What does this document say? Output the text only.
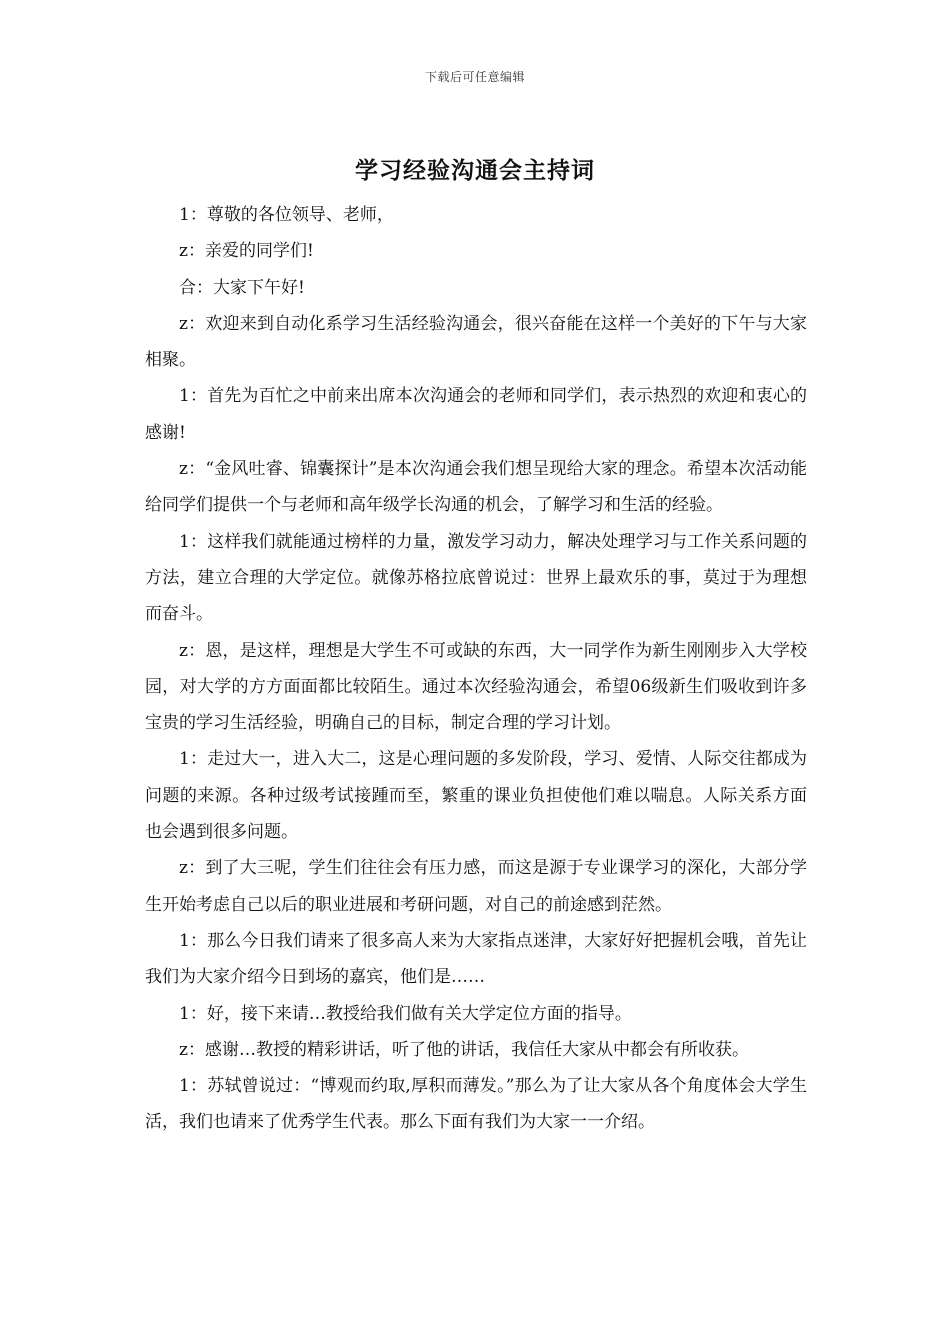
下载后可任意编辑
学习经验沟通会主持词

1：尊敬的各位领导、老师，

z：亲爱的同学们!

合：大家下午好!

z：欢迎来到自动化系学习生活经验沟通会，很兴奋能在这样一个美好的下午与大家相聚。

1：首先为百忙之中前来出席本次沟通会的老师和同学们，表示热烈的欢迎和衷心的感谢!

z：“金风吐睿、锦囊探计”是本次沟通会我们想呈现给大家的理念。希望本次活动能给同学们提供一个与老师和高年级学长沟通的机会，了解学习和生活的经验。

1：这样我们就能通过榜样的力量，激发学习动力，解决处理学习与工作关系问题的方法，建立合理的大学定位。就像苏格拉底曾说过：世界上最欢乐的事，莫过于为理想而奋斗。

z：恩，是这样，理想是大学生不可或缺的东西，大一同学作为新生刚刚步入大学校园，对大学的方方面面都比较陌生。通过本次经验沟通会，希望06级新生们吸收到许多宝贵的学习生活经验，明确自己的目标，制定合理的学习计划。

1：走过大一，进入大二，这是心理问题的多发阶段，学习、爱情、人际交往都成为问题的来源。各种过级考试接踵而至，繁重的课业负担使他们难以喘息。人际关系方面也会遇到很多问题。

z：到了大三呢，学生们往往会有压力感，而这是源于专业课学习的深化，大部分学生开始考虑自己以后的职业进展和考研问题，对自己的前途感到茫然。

1：那么今日我们请来了很多高人来为大家指点迷津，大家好好把握机会哦，首先让我们为大家介绍今日到场的嘉宾，他们是……

1：好，接下来请…教授给我们做有关大学定位方面的指导。

z：感谢…教授的精彩讲话，听了他的讲话，我信任大家从中都会有所收获。

1：苏轼曾说过：“博观而约取,厚积而薄发。”那么为了让大家从各个角度体会大学生活，我们也请来了优秀学生代表。那么下面有我们为大家一一介绍。
